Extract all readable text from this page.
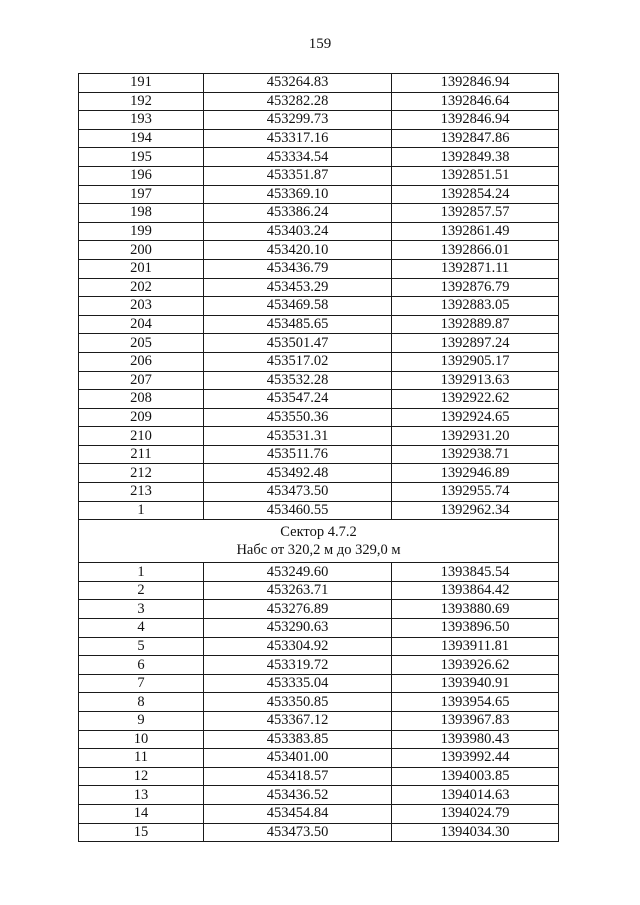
159
191	453264.83	1392846.94
192	453282.28	1392846.64
193	453299.73	1392846.94
194	453317.16	1392847.86
195	453334.54	1392849.38
196	453351.87	1392851.51
197	453369.10	1392854.24
198	453386.24	1392857.57
199	453403.24	1392861.49
200	453420.10	1392866.01
201	453436.79	1392871.11
202	453453.29	1392876.79
203	453469.58	1392883.05
204	453485.65	1392889.87
205	453501.47	1392897.24
206	453517.02	1392905.17
207	453532.28	1392913.63
208	453547.24	1392922.62
209	453550.36	1392924.65
210	453531.31	1392931.20
211	453511.76	1392938.71
212	453492.48	1392946.89
213	453473.50	1392955.74
1	453460.55	1392962.34

Сектор 4.7.2
Набс от 320,2 м до 329,0 м		

1	453249.60	1393845.54
2	453263.71	1393864.42
3	453276.89	1393880.69
4	453290.63	1393896.50
5	453304.92	1393911.81
6	453319.72	1393926.62
7	453335.04	1393940.91
8	453350.85	1393954.65
9	453367.12	1393967.83
10	453383.85	1393980.43
11	453401.00	1393992.44
12	453418.57	1394003.85
13	453436.52	1394014.63
14	453454.84	1394024.79
15	453473.50	1394034.30
